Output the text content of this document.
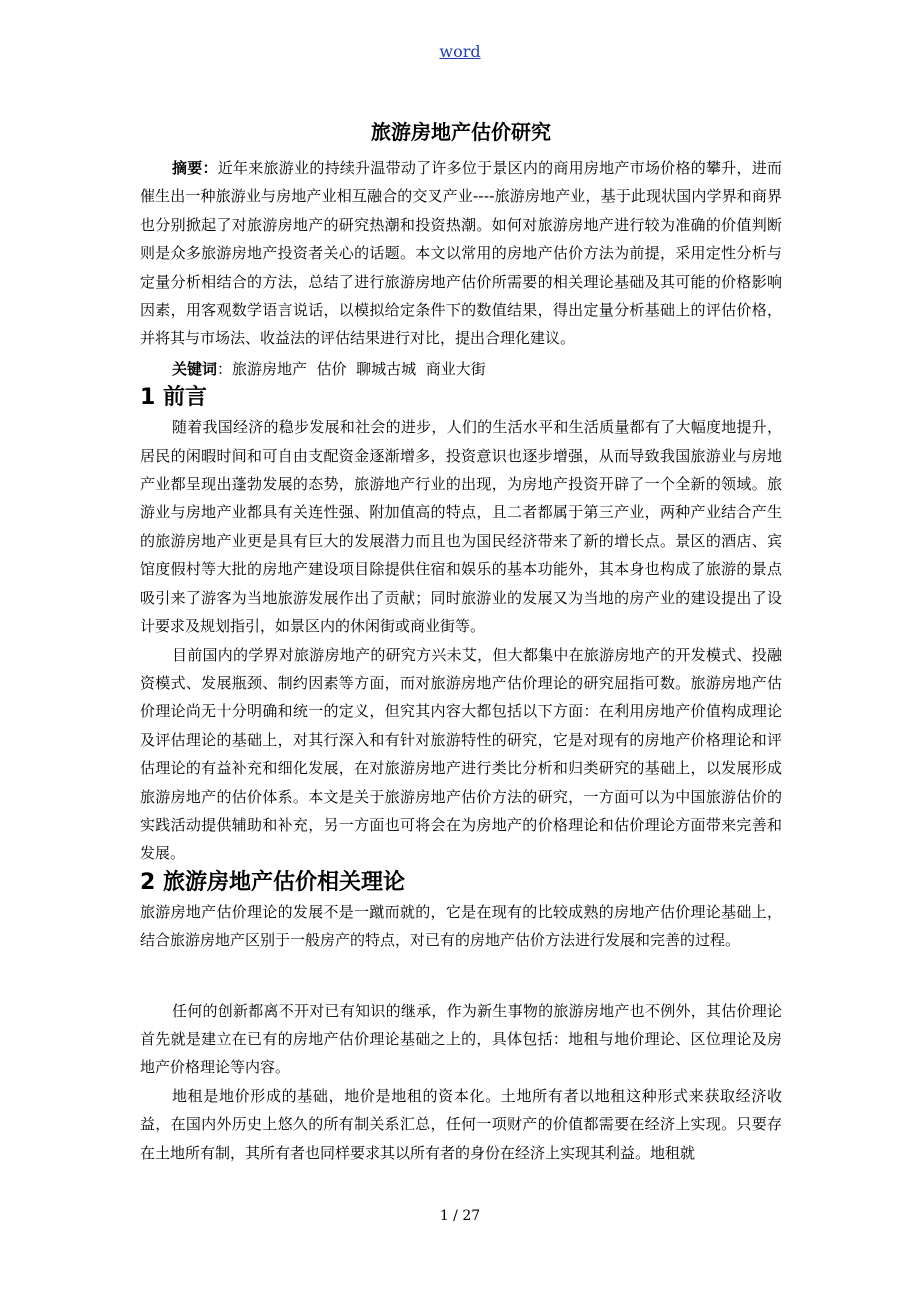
word
旅游房地产估价研究

摘要：近年来旅游业的持续升温带动了许多位于景区内的商用房地产市场价格的攀升，进而催生出一种旅游业与房地产业相互融合的交叉产业----旅游房地产业，基于此现状国内学界和商界也分别掀起了对旅游房地产的研究热潮和投资热潮。如何对旅游房地产进行较为准确的价值判断则是众多旅游房地产投资者关心的话题。本文以常用的房地产估价方法为前提，采用定性分析与定量分析相结合的方法，总结了进行旅游房地产估价所需要的相关理论基础及其可能的价格影响因素，用客观数学语言说话，以模拟给定条件下的数值结果，得出定量分析基础上的评估价格，并将其与市场法、收益法的评估结果进行对比，提出合理化建议。

关键词：旅游房地产 估价 聊城古城 商业大街

1 前言

随着我国经济的稳步发展和社会的进步，人们的生活水平和生活质量都有了大幅度地提升，居民的闲暇时间和可自由支配资金逐渐增多，投资意识也逐步增强，从而导致我国旅游业与房地产业都呈现出蓬勃发展的态势，旅游地产行业的出现，为房地产投资开辟了一个全新的领域。旅游业与房地产业都具有关连性强、附加值高的特点，且二者都属于第三产业，两种产业结合产生的旅游房地产业更是具有巨大的发展潜力而且也为国民经济带来了新的增长点。景区的酒店、宾馆度假村等大批的房地产建设项目除提供住宿和娱乐的基本功能外，其本身也构成了旅游的景点吸引来了游客为当地旅游发展作出了贡献；同时旅游业的发展又为当地的房产业的建设提出了设计要求及规划指引，如景区内的休闲街或商业街等。

目前国内的学界对旅游房地产的研究方兴未艾，但大都集中在旅游房地产的开发模式、投融资模式、发展瓶颈、制约因素等方面，而对旅游房地产估价理论的研究屈指可数。旅游房地产估价理论尚无十分明确和统一的定义，但究其内容大都包括以下方面：在利用房地产价值构成理论及评估理论的基础上，对其行深入和有针对旅游特性的研究，它是对现有的房地产价格理论和评估理论的有益补充和细化发展，在对旅游房地产进行类比分析和归类研究的基础上，以发展形成旅游房地产的估价体系。本文是关于旅游房地产估价方法的研究，一方面可以为中国旅游估价的实践活动提供辅助和补充，另一方面也可将会在为房地产的价格理论和估价理论方面带来完善和发展。

2 旅游房地产估价相关理论

旅游房地产估价理论的发展不是一蹴而就的，它是在现有的比较成熟的房地产估价理论基础上，结合旅游房地产区别于一般房产的特点，对已有的房地产估价方法进行发展和完善的过程。

任何的创新都离不开对已有知识的继承，作为新生事物的旅游房地产也不例外，其估价理论首先就是建立在已有的房地产估价理论基础之上的，具体包括：地租与地价理论、区位理论及房地产价格理论等内容。

地租是地价形成的基础，地价是地租的资本化。土地所有者以地租这种形式来获取经济收益，在国内外历史上悠久的所有制关系汇总，任何一项财产的价值都需要在经济上实现。只要存在土地所有制，其所有者也同样要求其以所有者的身份在经济上实现其利益。地租就

1 / 27
